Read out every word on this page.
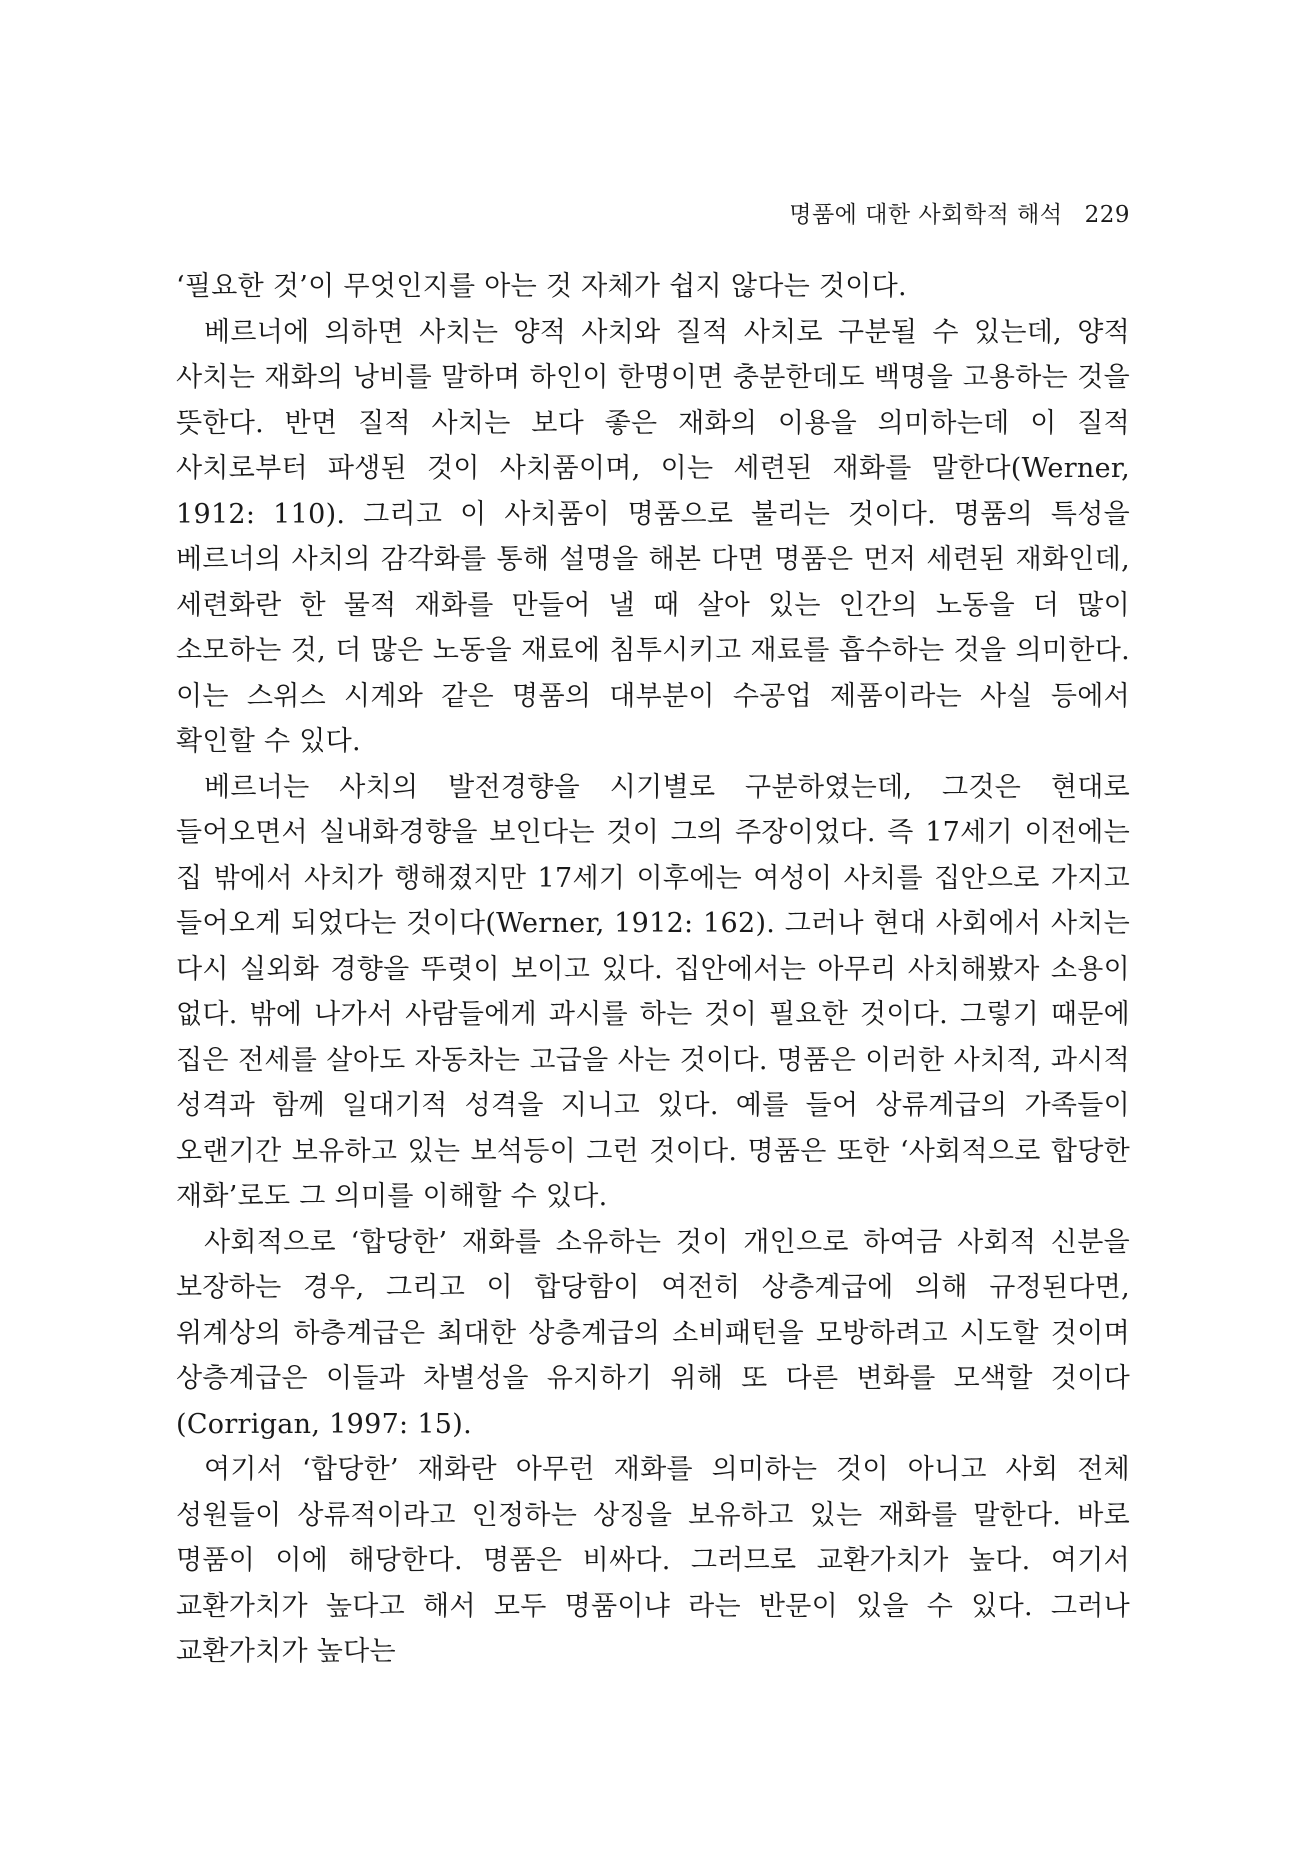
명품에 대한 사회학적 해석 229

‘필요한 것’이 무엇인지를 아는 것 자체가 쉽지 않다는 것이다.

베르너에 의하면 사치는 양적 사치와 질적 사치로 구분될 수 있는데, 양적 사치는 재화의 낭비를 말하며 하인이 한명이면 충분한데도 백명을 고용하는 것을 뜻한다. 반면 질적 사치는 보다 좋은 재화의 이용을 의미하는데 이 질적 사치로부터 파생된 것이 사치품이며, 이는 세련된 재화를 말한다(Werner, 1912: 110). 그리고 이 사치품이 명품으로 불리는 것이다. 명품의 특성을 베르너의 사치의 감각화를 통해 설명을 해본 다면 명품은 먼저 세련된 재화인데, 세련화란 한 물적 재화를 만들어 낼 때 살아 있는 인간의 노동을 더 많이 소모하는 것, 더 많은 노동을 재료에 침투시키고 재료를 흡수하는 것을 의미한다. 이는 스위스 시계와 같은 명품의 대부분이 수공업 제품이라는 사실 등에서 확인할 수 있다.

베르너는 사치의 발전경향을 시기별로 구분하였는데, 그것은 현대로 들어오면서 실내화경향을 보인다는 것이 그의 주장이었다. 즉 17세기 이전에는 집 밖에서 사치가 행해졌지만 17세기 이후에는 여성이 사치를 집안으로 가지고 들어오게 되었다는 것이다(Werner, 1912: 162). 그러나 현대 사회에서 사치는 다시 실외화 경향을 뚜렷이 보이고 있다. 집안에서는 아무리 사치해봤자 소용이 없다. 밖에 나가서 사람들에게 과시를 하는 것이 필요한 것이다. 그렇기 때문에 집은 전세를 살아도 자동차는 고급을 사는 것이다. 명품은 이러한 사치적, 과시적 성격과 함께 일대기적 성격을 지니고 있다. 예를 들어 상류계급의 가족들이 오랜기간 보유하고 있는 보석등이 그런 것이다. 명품은 또한 ‘사회적으로 합당한 재화’로도 그 의미를 이해할 수 있다.

사회적으로 ‘합당한’ 재화를 소유하는 것이 개인으로 하여금 사회적 신분을 보장하는 경우, 그리고 이 합당함이 여전히 상층계급에 의해 규정된다면, 위계상의 하층계급은 최대한 상층계급의 소비패턴을 모방하려고 시도할 것이며 상층계급은 이들과 차별성을 유지하기 위해 또 다른 변화를 모색할 것이다(Corrigan, 1997: 15).

여기서 ‘합당한’ 재화란 아무런 재화를 의미하는 것이 아니고 사회 전체 성원들이 상류적이라고 인정하는 상징을 보유하고 있는 재화를 말한다. 바로 명품이 이에 해당한다. 명품은 비싸다. 그러므로 교환가치가 높다. 여기서 교환가치가 높다고 해서 모두 명품이냐 라는 반문이 있을 수 있다. 그러나 교환가치가 높다는
